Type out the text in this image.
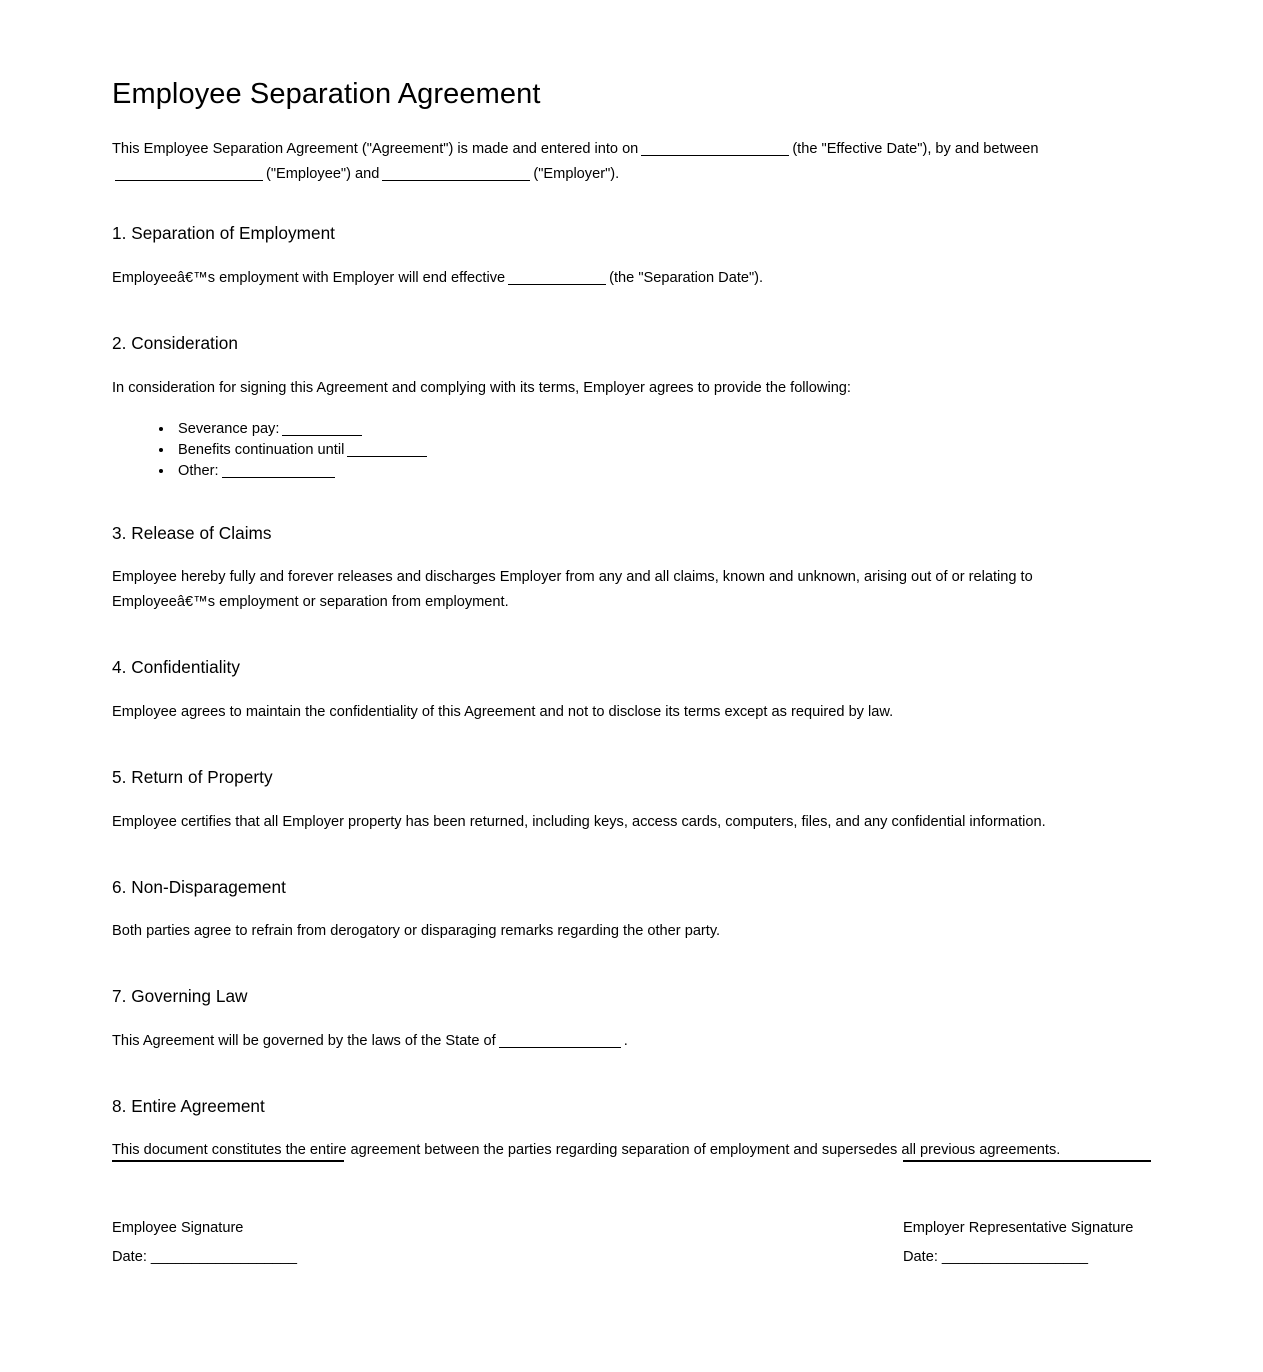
Employee Separation Agreement

This Employee Separation Agreement ("Agreement") is made and entered into on	(the "Effective Date"), by and between ("Employee") and	("Employer").

1. Separation of Employment

Employeeâ€™s employment with Employer will end effective	(the "Separation Date").

2. Consideration

In consideration for signing this Agreement and complying with its terms, Employer agrees to provide the following:

• Severance pay:
• Benefits continuation until
• Other:
3. Release of Claims

Employee hereby fully and forever releases and discharges Employer from any and all claims, known and unknown, arising out of or relating to Employeeâ€™s employment or separation from employment.

4. Confidentiality

Employee agrees to maintain the confidentiality of this Agreement and not to disclose its terms except as required by law.

5. Return of Property

Employee certifies that all Employer property has been returned, including keys, access cards, computers, files, and any confidential information.

6. Non-Disparagement

Both parties agree to refrain from derogatory or disparaging remarks regarding the other party.

7. Governing Law

This Agreement will be governed by the laws of the State of	.

8. Entire Agreement

This document constitutes the entire agreement between the parties regarding separation of employment and supersedes all previous agreements.

Employee Signature
Date: __________________
Employer Representative Signature
Date: __________________
